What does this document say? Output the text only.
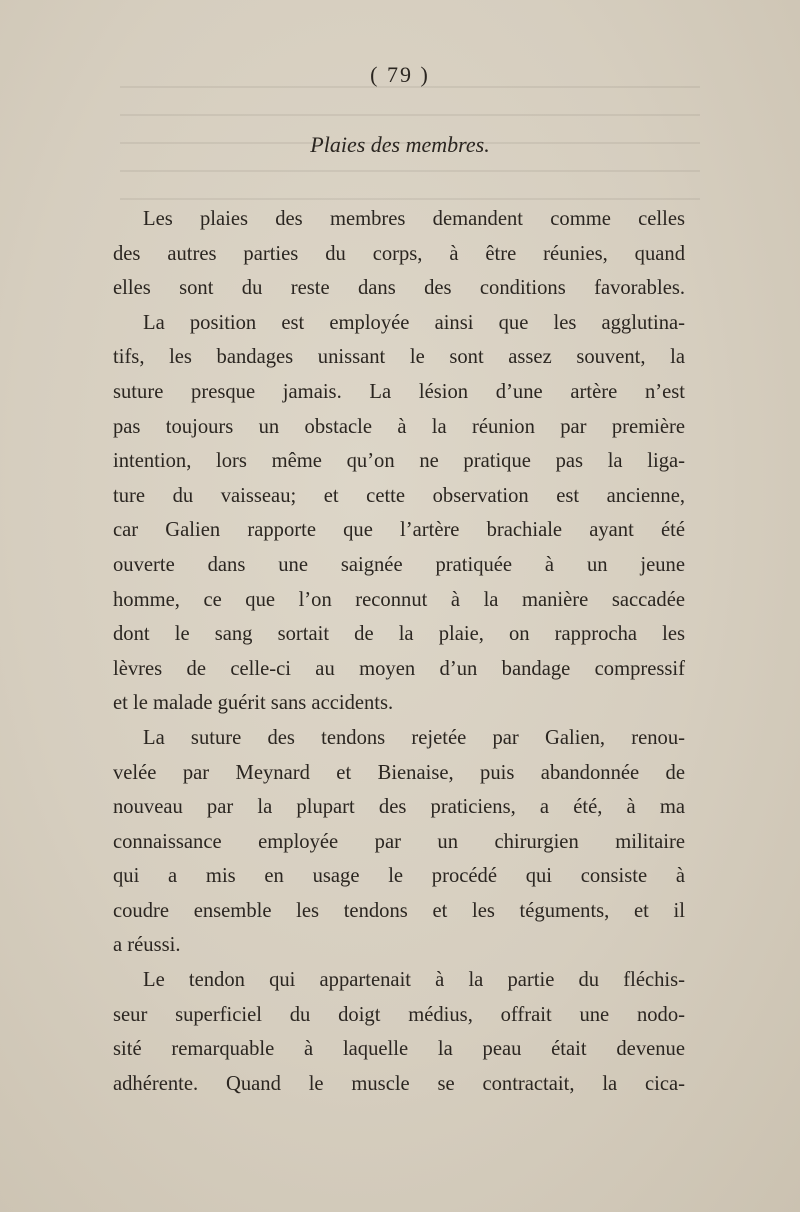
( 79 )
Plaies des membres.
Les plaies des membres demandent comme celles
des autres parties du corps, à être réunies, quand
elles sont du reste dans des conditions favorables.
La position est employée ainsi que les agglutina-
tifs, les bandages unissant le sont assez souvent, la
suture presque jamais. La lésion d’une artère n’est
pas toujours un obstacle à la réunion par première
intention, lors même qu’on ne pratique pas la liga-
ture du vaisseau; et cette observation est ancienne,
car Galien rapporte que l’artère brachiale ayant été
ouverte dans une saignée pratiquée à un jeune
homme, ce que l’on reconnut à la manière saccadée
dont le sang sortait de la plaie, on rapprocha les
lèvres de celle-ci au moyen d’un bandage compressif
et le malade guérit sans accidents.
La suture des tendons rejetée par Galien, renou-
velée par Meynard et Bienaise, puis abandonnée de
nouveau par la plupart des praticiens, a été, à ma
connaissance employée par un chirurgien militaire
qui a mis en usage le procédé qui consiste à
coudre ensemble les tendons et les téguments, et il
a réussi.
Le tendon qui appartenait à la partie du fléchis-
seur superficiel du doigt médius, offrait une nodo-
sité remarquable à laquelle la peau était devenue
adhérente. Quand le muscle se contractait, la cica-
